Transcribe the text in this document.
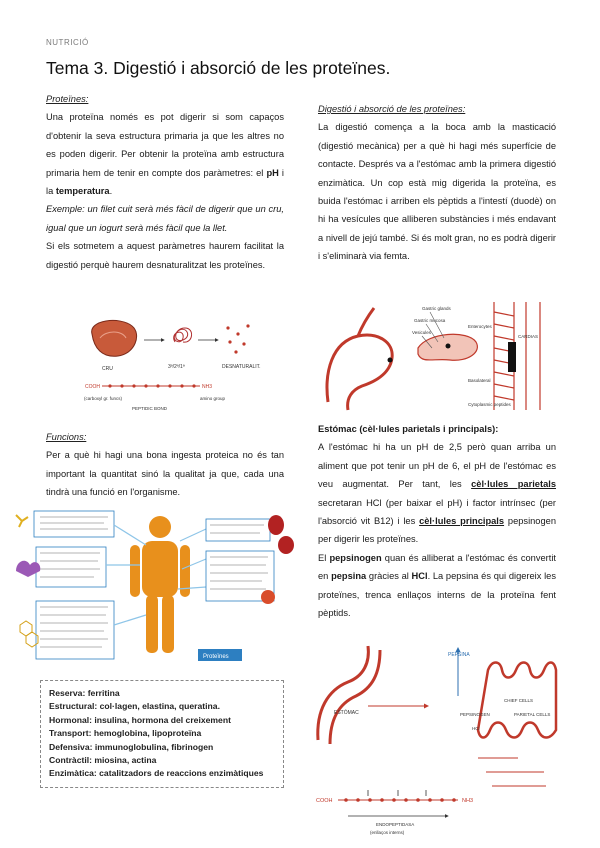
NUTRICIÓ
Tema 3. Digestió i absorció de les proteïnes.

Proteïnes:

Una proteïna només es pot digerir si som capaços d'obtenir la seva estructura primaria ja que les altres no es poden digerir. Per obtenir la proteïna amb estructura primaria hem de tenir en compte dos paràmetres: el pH i la temperatura.

Exemple: un filet cuit serà més fàcil de digerir que un cru, igual que un iogurt serà més fàcil que la llet.

Si els sotmetem a aquest paràmetres haurem facilitat la digestió perquè haurem desnaturalitzat les proteïnes.

CRU	3ª/2ª/1ª	DESNATURALIT.
COOH	NH3
(carboxyl gr. funcs)	amino group
PEPTIDIC BOND

Funcions:

Per a què hi hagi una bona ingesta proteica no és tan important la quantitat sinó la qualitat ja que, cada una tindrà una funció en l'organisme.

Proteïnes
Reserva: ferritina
Estructural: col·lagen, elastina, queratina.
Hormonal: insulina, hormona del creixement
Transport: hemoglobina, lipoproteïna
Defensiva: immunoglobulina, fibrinogen
Contràctil: miosina, actina
Enzimàtica: catalitzadors de reaccions enzimàtiques

Digestió i absorció de les proteïnes:

La digestió comença a la boca amb la masticació (digestió mecànica) per a què hi hagi més superfície de contacte. Després va a l'estómac amb la primera digestió enzimàtica. Un cop està mig digerida la proteïna, es buida l'estómac i arriben els pèptids a l'intestí (duodè) on hi ha vesícules que alliberen substàncies i més endavant a nivell de jejú també. Si és molt gran, no es podrà digerir i s'eliminarà via femta.

Gastric glands
Gastric mucosa
Vesicules
Enterocytes
Basolateral
CARDIAS
Cytoplasmic peptides

Estómac (cèl·lules parietals i principals):

A l'estómac hi ha un pH de 2,5 però quan arriba un aliment que pot tenir un pH de 6, el pH de l'estómac es veu augmentat. Per tant, les cèl·lules parietals secretaran HCl (per baixar el pH) i factor intrínsec (per l'absorció vit B12) i les cèl·lules principals pepsinogen per digerir les proteïnes.

El pepsinogen quan és alliberat a l'estómac és convertit en pepsina gràcies al HCl. La pepsina és qui digereix les proteïnes, trenca enllaços interns de la proteïna fent pèptids.

ESTÓMAC
PEPSINA
PEPSINOGEN
HCl
CHIEF CELLS
PARIETAL CELLS
COOH	NH3
ENDOPEPTIDASA
(enllaços interns)
